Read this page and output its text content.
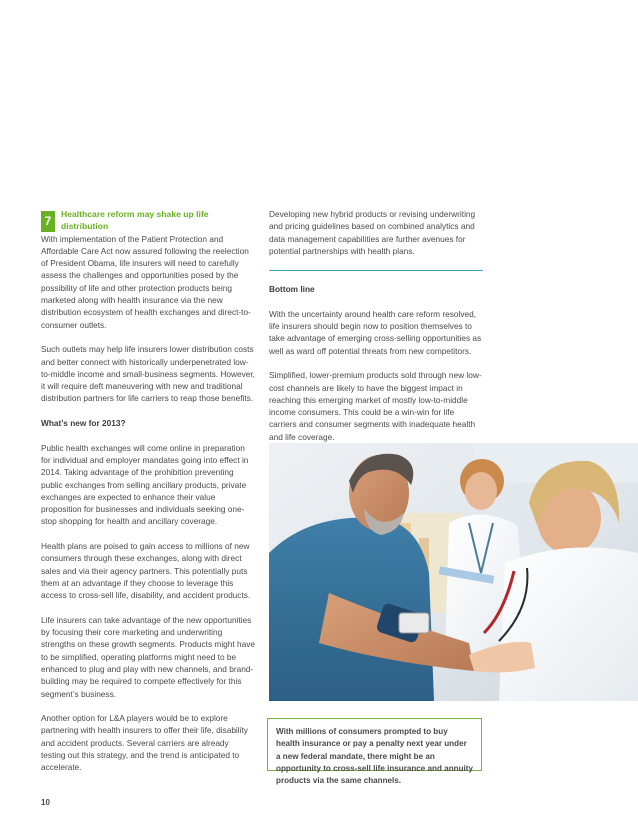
7
Healthcare reform may shake up life distribution

With implementation of the Patient Protection and Affordable Care Act now assured following the reelection of President Obama, life insurers will need to carefully assess the challenges and opportunities posed by the possibility of life and other protection products being marketed along with health insurance via the new distribution ecosystem of health exchanges and direct-to-consumer outlets.

Such outlets may help life insurers lower distribution costs and better connect with historically underpenetrated low-to-middle income and small-business segments. However, it will require deft maneuvering with new and traditional distribution partners for life carriers to reap those benefits.

What’s new for 2013?

Public health exchanges will come online in preparation for individual and employer mandates going into effect in 2014. Taking advantage of the prohibition preventing public exchanges from selling ancillary products, private exchanges are expected to enhance their value proposition for businesses and individuals seeking one-stop shopping for health and ancillary coverage.

Health plans are poised to gain access to millions of new consumers through these exchanges, along with direct sales and via their agency partners. This potentially puts them at an advantage if they choose to leverage this access to cross-sell life, disability, and accident products.

Life insurers can take advantage of the new opportunities by focusing their core marketing and underwriting strengths on these growth segments. Products might have to be simplified, operating platforms might need to be enhanced to plug and play with new channels, and brand-building may be required to compete effectively for this segment’s business.

Another option for L&A players would be to explore partnering with health insurers to offer their life, disability and accident products. Several carriers are already testing out this strategy, and the trend is anticipated to accelerate.

Developing new hybrid products or revising underwriting and pricing guidelines based on combined analytics and data management capabilities are further avenues for potential partnerships with health plans.

Bottom line

With the uncertainty around health care reform resolved, life insurers should begin now to position themselves to take advantage of emerging cross-selling opportunities as well as ward off potential threats from new competitors.

Simplified, lower-premium products sold through new low-cost channels are likely to have the biggest impact in reaching this emerging market of mostly low-to-middle income consumers. This could be a win-win for life carriers and consumer segments with inadequate health and life coverage.

With millions of consumers prompted to buy health insurance or pay a penalty next year under a new federal mandate, there might be an opportunity to cross-sell life insurance and annuity products via the same channels.
10
